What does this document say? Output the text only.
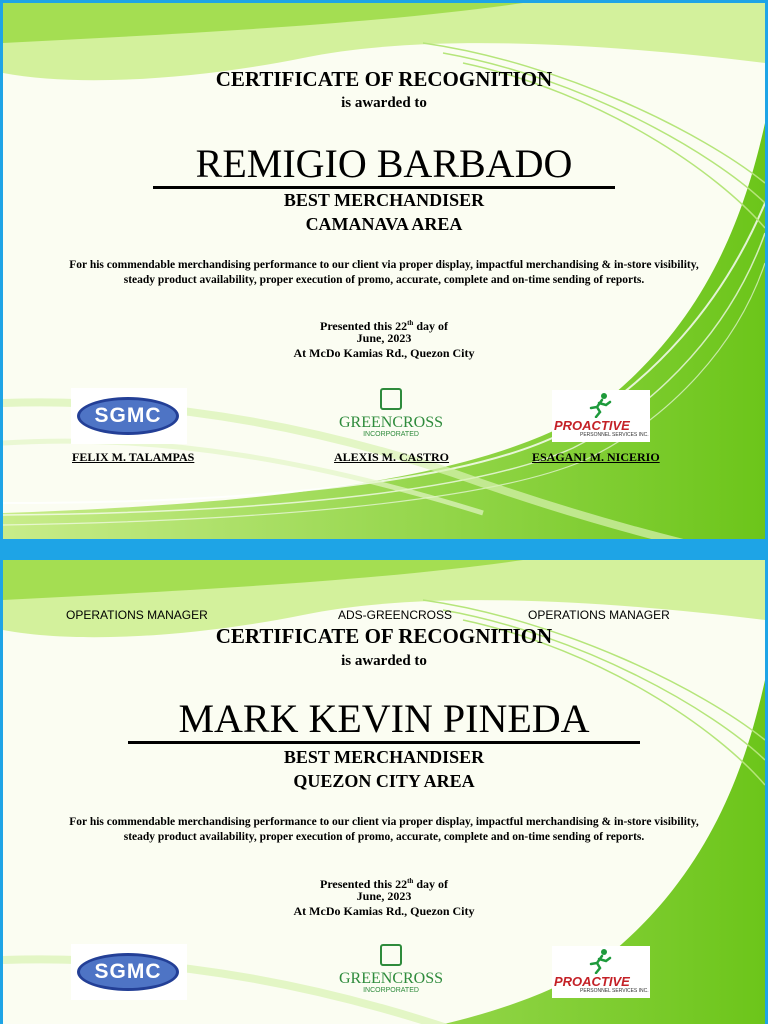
CERTIFICATE OF RECOGNITION
is awarded to
REMIGIO BARBADO
BEST MERCHANDISER
CAMANAVA AREA
For his commendable merchandising performance to our client via proper display, impactful merchandising & in-store visibility, steady product availability, proper execution of promo, accurate, complete and on-time sending of reports.
Presented this 22th day of
June, 2023
At McDo Kamias Rd., Quezon City
SGMC	GREENCROSS
INCORPORATED
PROACTIVE
PERSONNEL SERVICES INC.
FELIX M. TALAMPAS	ALEXIS M. CASTRO	ESAGANI M. NICERIO
OPERATIONS MANAGER	ADS-GREENCROSS	OPERATIONS MANAGER
CERTIFICATE OF RECOGNITION
is awarded to
MARK KEVIN PINEDA
BEST MERCHANDISER
QUEZON CITY AREA
For his commendable merchandising performance to our client via proper display, impactful merchandising & in-store visibility, steady product availability, proper execution of promo, accurate, complete and on-time sending of reports.
Presented this 22th day of
June, 2023
At McDo Kamias Rd., Quezon City
SGMC	GREENCROSS
INCORPORATED
PROACTIVE
PERSONNEL SERVICES INC.
